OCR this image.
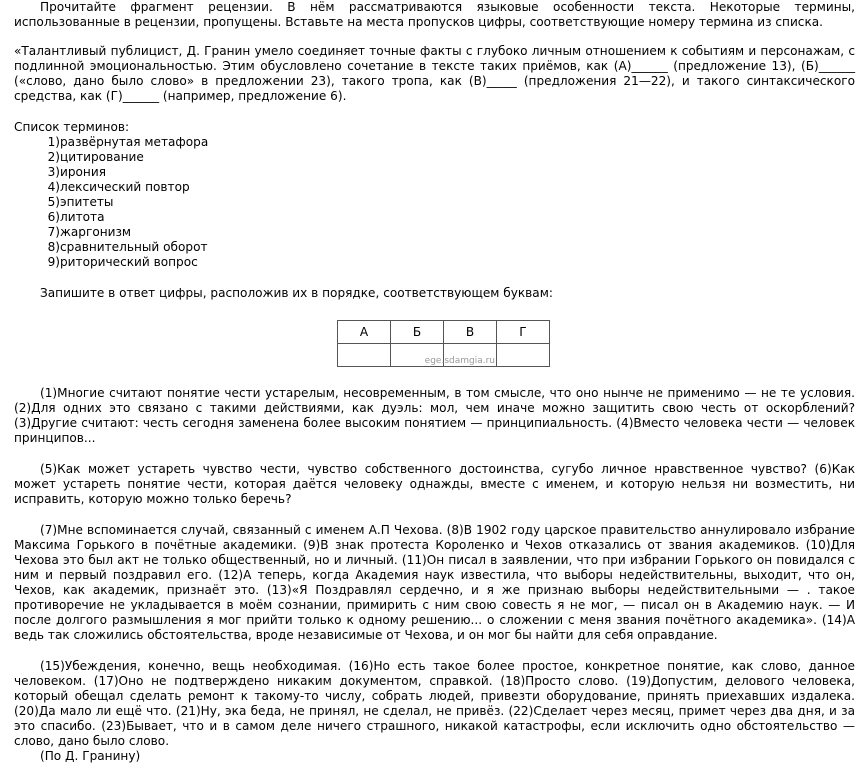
Прочитайте фрагмент рецензии. В нём рассматриваются языковые особенности текста. Некоторые термины, использованные в рецензии, пропущены. Вставьте на места пропусков цифры, соответствующие номеру термина из списка.

«Талантливый публицист, Д. Гранин умело соединяет точные факты с глубоко личным отношением к событиям и персонажам, с подлинной эмоциональностью. Этим обусловлено сочетание в тексте таких приёмов, как (А)______ (предложение 13), (Б)______ («слово, дано было слово» в предложении 23), такого тропа, как (В)_____ (предложения 21—22), и такого синтаксического средства, как (Г)______ (например, предложение 6).

Список терминов:

1) развёрнутая метафора
2) цитирование
3) ирония
4) лексический повтор
5) эпитеты
6) литота
7) жаргонизм
8) сравнительный оборот
9) риторический вопрос

Запишите в ответ цифры, расположив их в порядке, соответствующем буквам:

А	Б	В	Г

		ege.sdamgia.ru	

(1)Многие считают понятие чести устарелым, несовременным, в том смысле, что оно нынче не применимо — не те условия. (2)Для одних это связано с такими действиями, как дуэль: мол, чем иначе можно защитить свою честь от оскорблений? (3)Другие считают: честь сегодня заменена более высоким понятием — принципиальность. (4)Вместо человека чести — человек принципов...

(5)Как может устареть чувство чести, чувство собственного достоинства, сугубо личное нравственное чувство? (6)Как может устареть понятие чести, которая даётся человеку однажды, вместе с именем, и которую нельзя ни возместить, ни исправить, которую можно только беречь?

(7)Мне вспоминается случай, связанный с именем А.П Чехова. (8)В 1902 году царское правительство аннулировало избрание Максима Горького в почётные академики. (9)В знак протеста Короленко и Чехов отказались от звания академиков. (10)Для Чехова это был акт не только общественный, но и личный. (11)Он писал в заявлении, что при избрании Горького он повидался с ним и первый поздравил его. (12)А теперь, когда Академия наук известила, что выборы недействительны, выходит, что он, Чехов, как академик, признаёт это. (13)«Я Поздравлял сердечно, и я же признаю выборы недействительными — . такое противоречие не укладывается в моём сознании, примирить с ним свою совесть я не мог, — писал он в Академию наук. — И после долгого размышления я мог прийти только к одному решению... о сложении с меня звания почётного академика». (14)А ведь так сложились обстоятельства, вроде независимые от Чехова, и он мог бы найти для себя оправдание.

(15)Убеждения, конечно, вещь необходимая. (16)Но есть такое более простое, конкретное понятие, как слово, данное человеком. (17)Оно не подтверждено никаким документом, справкой. (18)Просто слово. (19)Допустим, делового человека, который обещал сделать ремонт к такому-то числу, собрать людей, привезти оборудование, принять приехавших издалека. (20)Да мало ли ещё что. (21)Ну, эка беда, не принял, не сделал, не привёз. (22)Сделает через месяц, примет через два дня, и за это спасибо. (23)Бывает, что и в самом деле ничего страшного, никакой катастрофы, если исключить одно обстоятельство — слово, дано было слово.

(По Д. Гранину)
